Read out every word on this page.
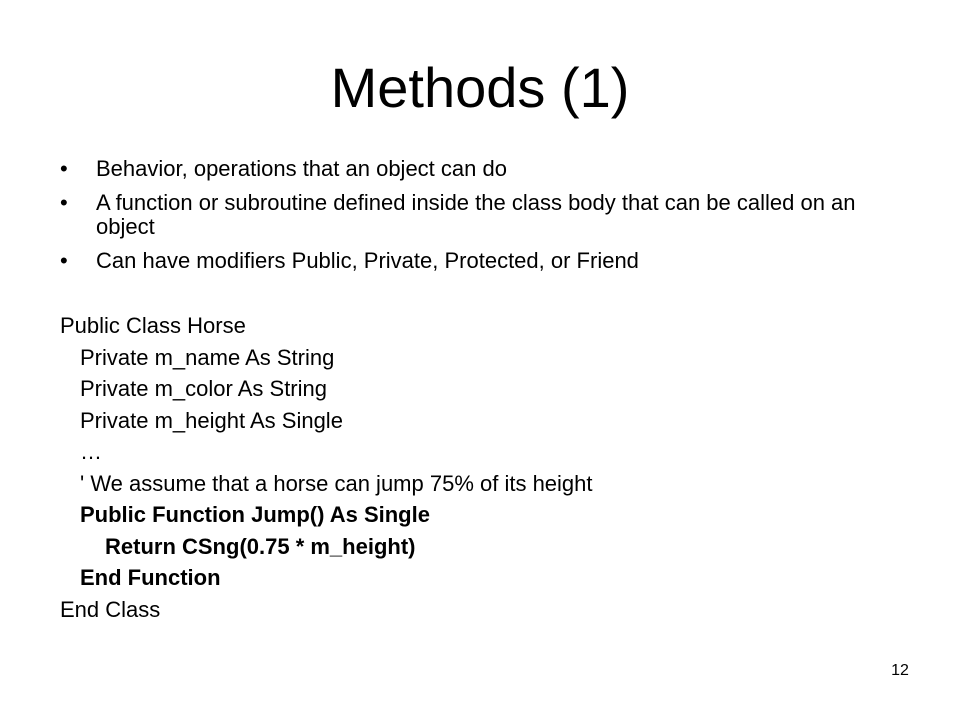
Methods (1)
•	Behavior, operations that an object can do
•	A function or subroutine defined inside the class body that can be called on an object
•	Can have modifiers Public, Private, Protected, or Friend
Public Class Horse
Private m_name As String
Private m_color As String
Private m_height As Single
…
' We assume that a horse can jump 75% of its height
Public Function Jump() As Single
Return CSng(0.75 * m_height)
End Function
End Class
12
